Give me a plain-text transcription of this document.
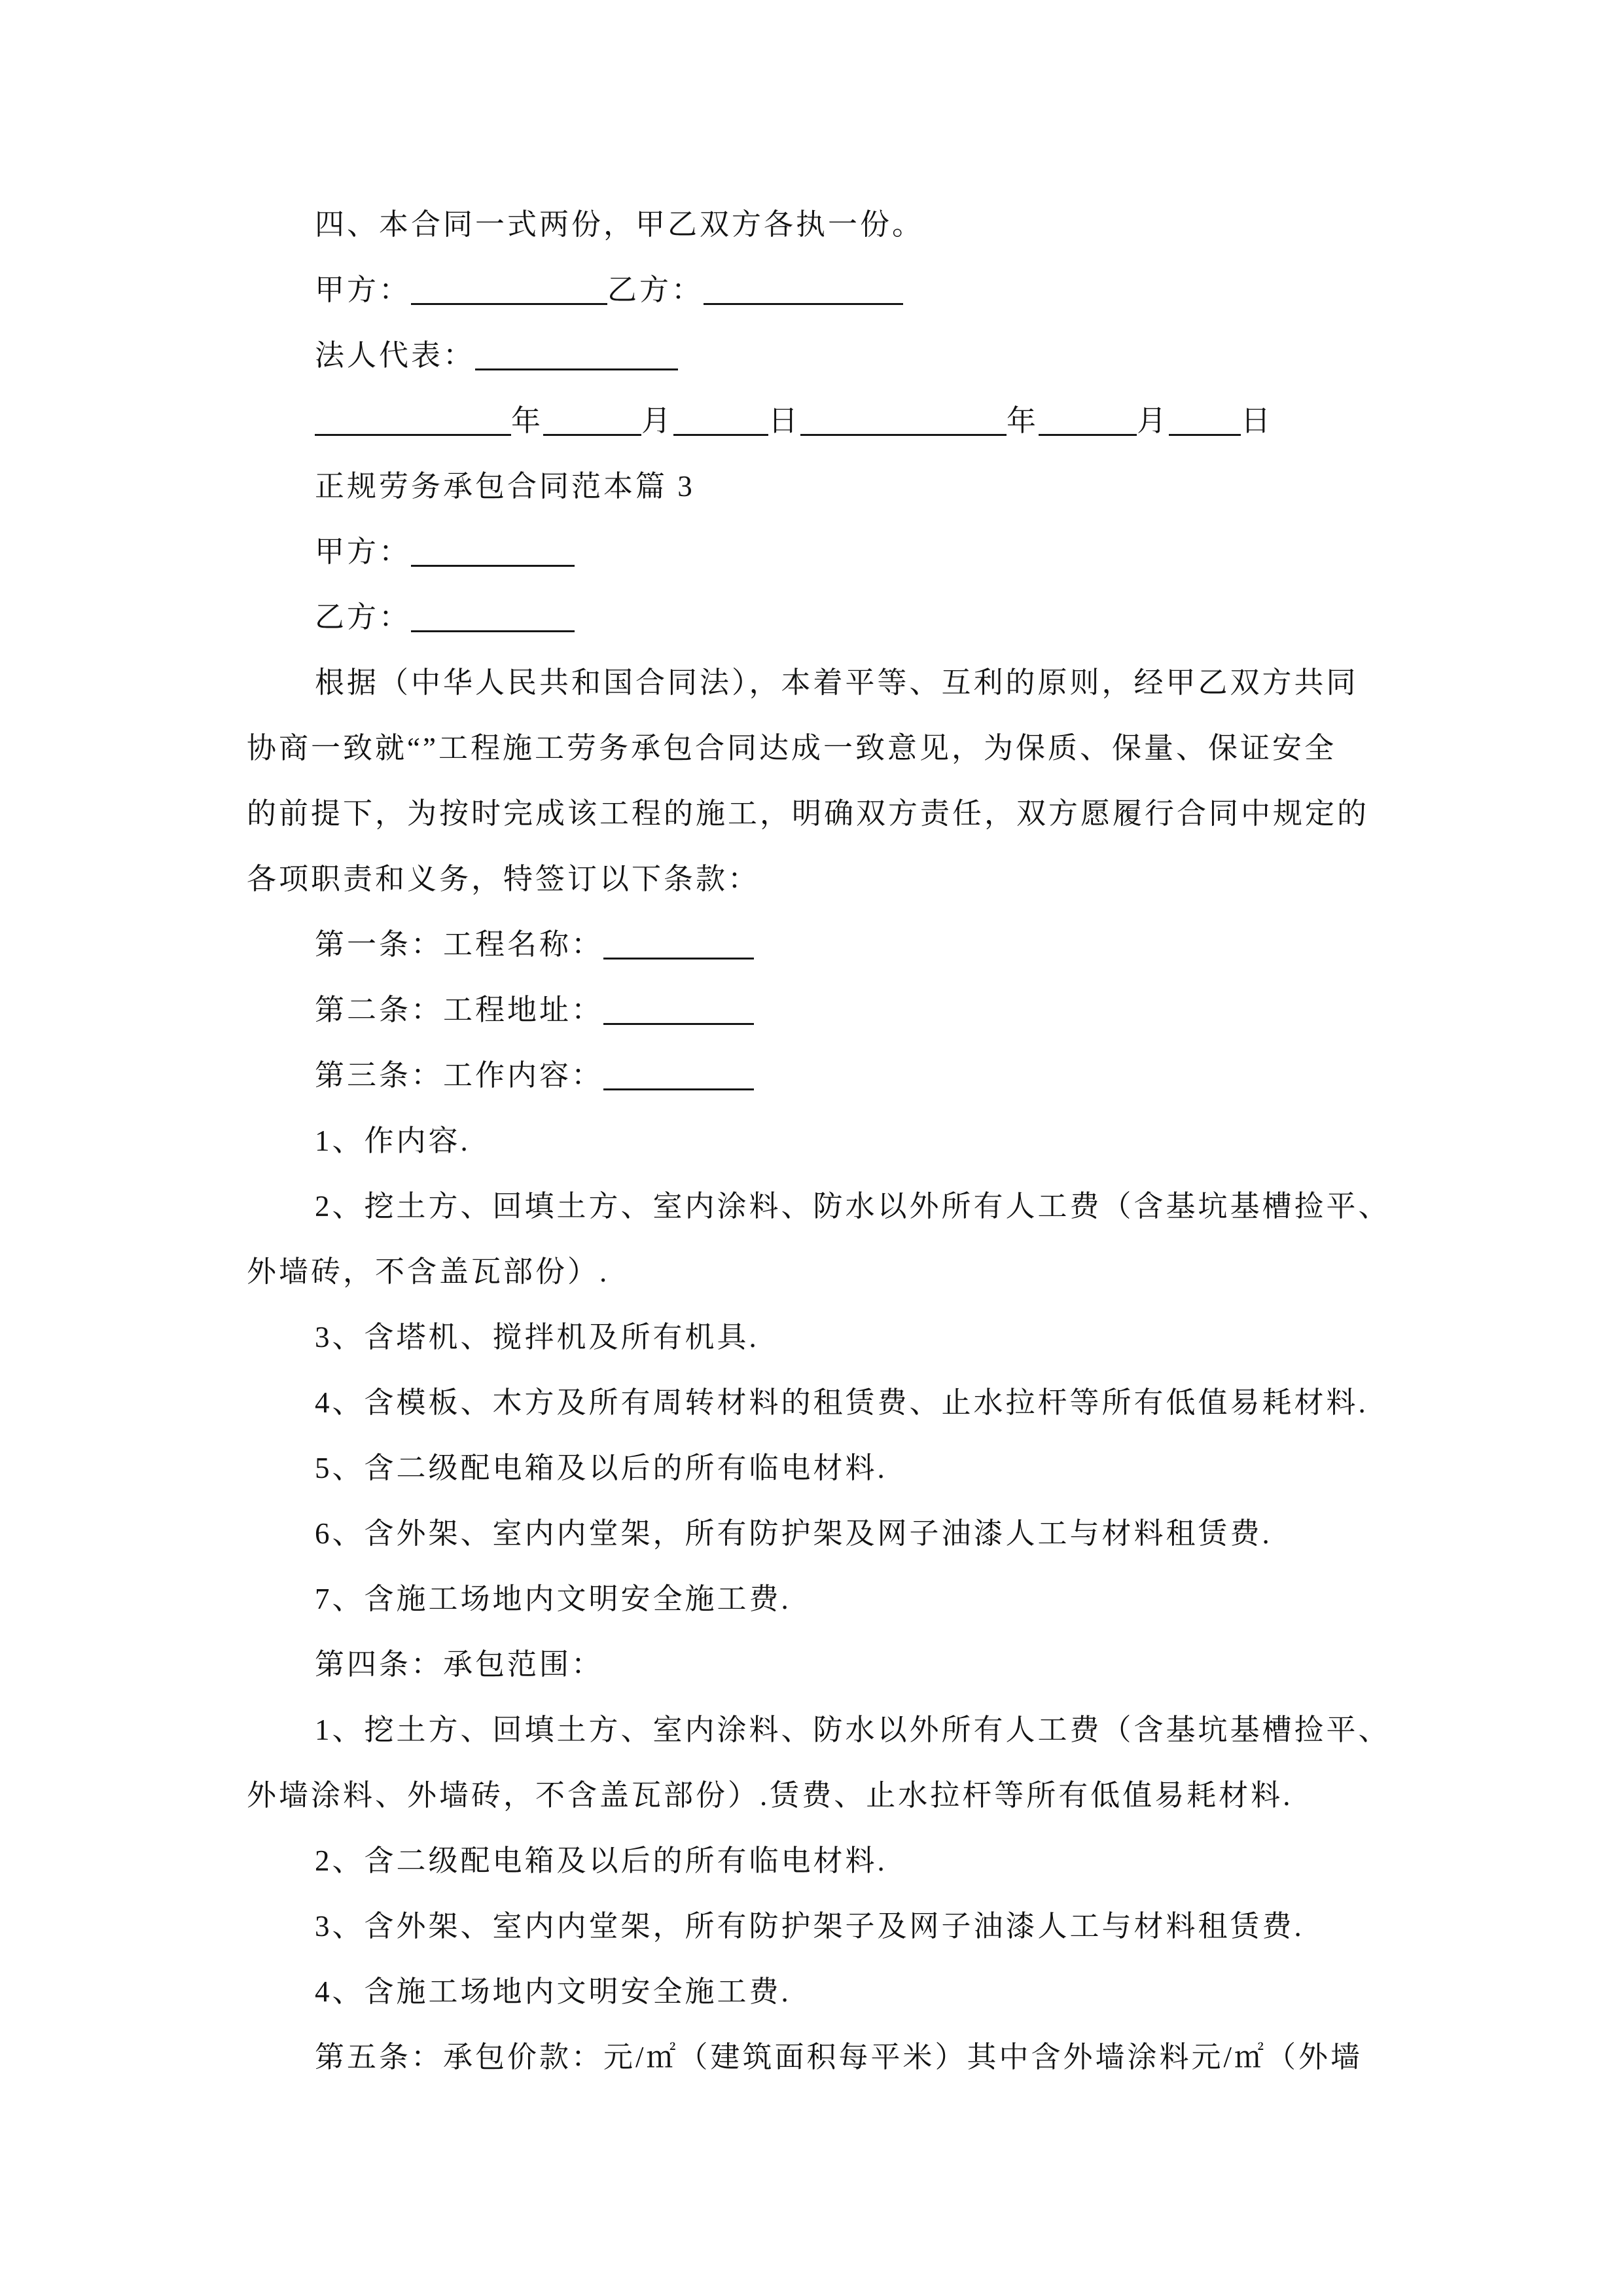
四、本合同一式两份，甲乙双方各执一份。
甲方：	乙方：
法人代表：
年	月	日	年	月 日
正规劳务承包合同范本篇 3
甲方：
乙方：
根据（中华人民共和国合同法），本着平等、互利的原则，经甲乙双方共同
协商一致就“”工程施工劳务承包合同达成一致意见，为保质、保量、保证安全
的前提下，为按时完成该工程的施工，明确双方责任，双方愿履行合同中规定的
各项职责和义务，特签订以下条款：
第一条：工程名称：
第二条：工程地址：
第三条：工作内容：
1、作内容.
2、挖土方、回填土方、室内涂料、防水以外所有人工费（含基坑基槽捡平、
外墙砖，不含盖瓦部份）.
3、含塔机、搅拌机及所有机具.
4、含模板、木方及所有周转材料的租赁费、止水拉杆等所有低值易耗材料.
5、含二级配电箱及以后的所有临电材料.
6、含外架、室内内堂架，所有防护架及网子油漆人工与材料租赁费.
7、含施工场地内文明安全施工费.
第四条：承包范围：
1、挖土方、回填土方、室内涂料、防水以外所有人工费（含基坑基槽捡平、
外墙涂料、外墙砖，不含盖瓦部份）.赁费、止水拉杆等所有低值易耗材料.
2、含二级配电箱及以后的所有临电材料.
3、含外架、室内内堂架，所有防护架子及网子油漆人工与材料租赁费.
4、含施工场地内文明安全施工费.
第五条：承包价款：元/㎡（建筑面积每平米）其中含外墙涂料元/㎡（外墙
